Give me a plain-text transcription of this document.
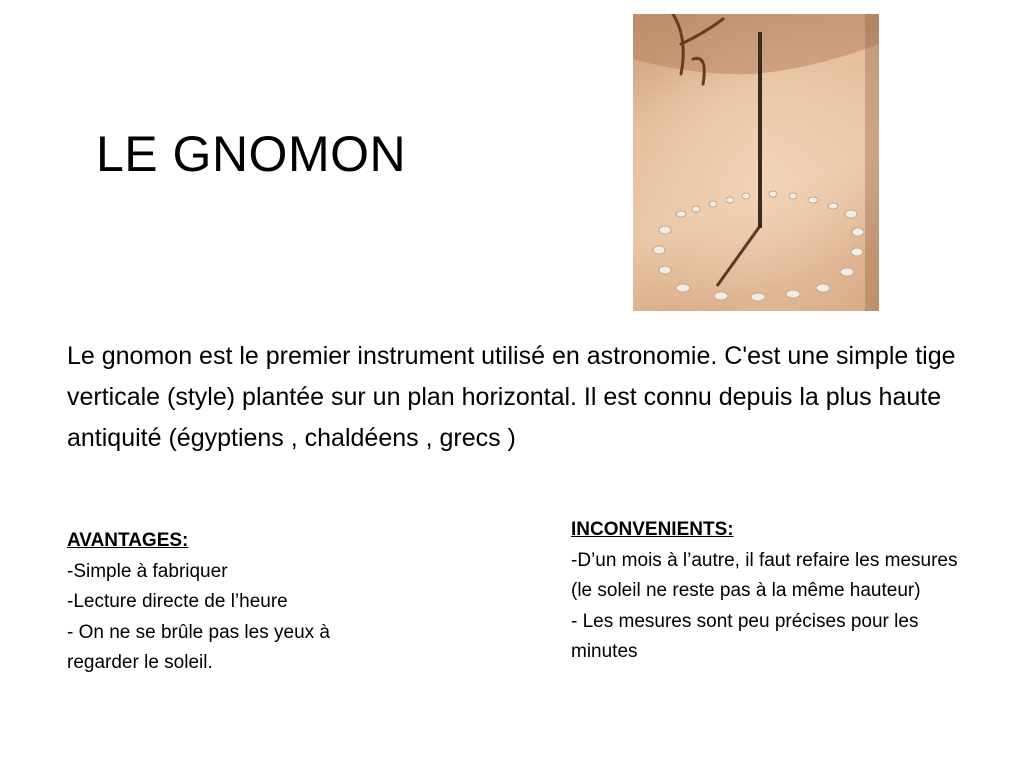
LE GNOMON

Le gnomon est le premier instrument utilisé en astronomie. C'est une simple tige verticale (style) plantée sur un plan horizontal. Il est connu depuis la plus haute antiquité (égyptiens , chaldéens , grecs )

AVANTAGES:
-Simple à fabriquer
-Lecture directe de l’heure
- On ne se brûle pas les yeux à regarder le soleil.
INCONVENIENTS:
-D’un mois à l’autre, il faut refaire les mesures (le soleil ne reste pas à la même hauteur)
- Les mesures sont peu précises pour les minutes
